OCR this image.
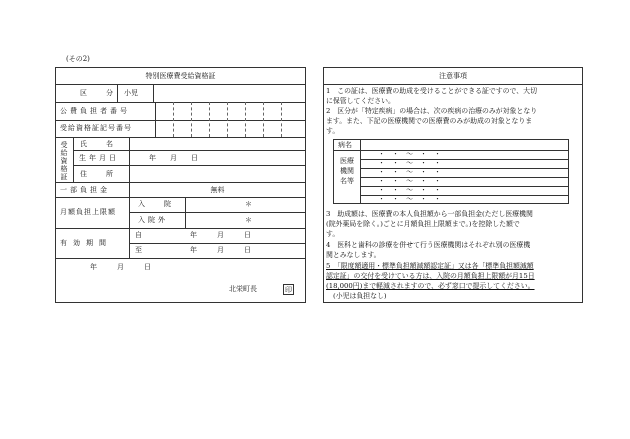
(その2)
特別医療費受給資格証
区　分 小児
公費負担者番号
受給資格証記号番号
受給資格証 氏　名
生年月日	年　　月　　日
住　所
一部負担金	無料
月額負担上限額
入　院	＊
入院外	＊
有効期間
自	年　　月　　日
至	年　　月　　日
年　　月　　日
北栄町長	印
注意事項
1　この証は、医療費の助成を受けることができる証ですので、大切
に保管してください。
2　区分が「特定疾病」の場合は、次の疾病の治療のみが対象となり
ます。また、下記の医療機関での医療費のみが助成の対象となりま
す。
病名
医療機関名等
・　・　〜　・　・
・　・　〜　・　・
・　・　〜　・　・
・　・　〜　・　・
・　・　〜　・　・
・　・　〜　・　・
3　助成額は、医療費の本人負担額から一部負担金(ただし医療機関
(院外薬局を除く。)ごとに月額負担上限額まで。)を控除した額で
す。
4　医科と歯科の診療を併せて行う医療機関はそれぞれ別の医療機
関とみなします。
5　「限度額適用・標準負担額減額認定証」又は各「標準負担額減額
認定証」の交付を受けている方は、入院の月額負担上限額が月15日
(18,000円)まで軽減されますので、必ず窓口で提示してください。
(小児は負担なし)
